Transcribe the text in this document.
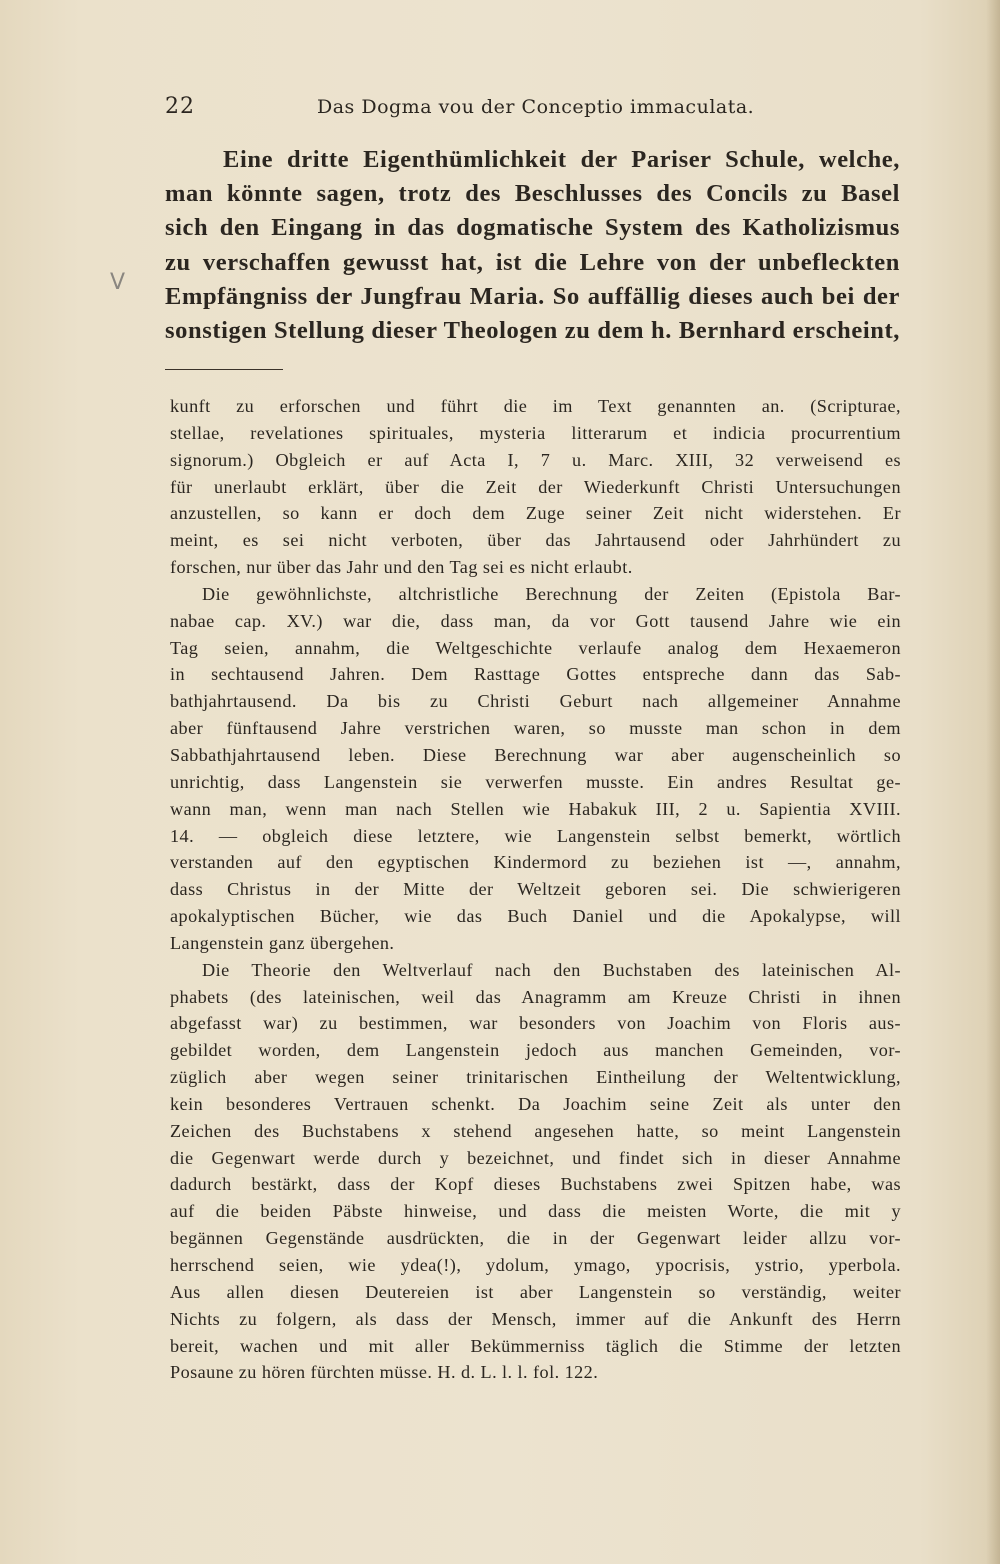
22	Das Dogma vou der Conceptio immaculata.
V
Eine dritte Eigenthümlichkeit der Pariser Schule, welche,
man könnte sagen, trotz des Beschlusses des Concils zu Basel
sich den Eingang in das dogmatische System des Katholizismus
zu verschaffen gewusst hat, ist die Lehre von der unbefleckten
Empfängniss der Jungfrau Maria. So auffällig dieses auch bei der
sonstigen Stellung dieser Theologen zu dem h. Bernhard erscheint,
kunft zu erforschen und führt die im Text genannten an. (Scripturae,
stellae, revelationes spirituales, mysteria litterarum et indicia procurrentium
signorum.) Obgleich er auf Acta I, 7 u. Marc. XIII, 32 verweisend es
für unerlaubt erklärt, über die Zeit der Wiederkunft Christi Untersuchungen
anzustellen, so kann er doch dem Zuge seiner Zeit nicht widerstehen. Er
meint, es sei nicht verboten, über das Jahrtausend oder Jahrhündert zu
forschen, nur über das Jahr und den Tag sei es nicht erlaubt.
Die gewöhnlichste, altchristliche Berechnung der Zeiten (Epistola Bar-
nabae cap. XV.) war die, dass man, da vor Gott tausend Jahre wie ein
Tag seien, annahm, die Weltgeschichte verlaufe analog dem Hexaemeron
in sechtausend Jahren. Dem Rasttage Gottes entspreche dann das Sab-
bathjahrtausend. Da bis zu Christi Geburt nach allgemeiner Annahme
aber fünftausend Jahre verstrichen waren, so musste man schon in dem
Sabbathjahrtausend leben. Diese Berechnung war aber augenscheinlich so
unrichtig, dass Langenstein sie verwerfen musste. Ein andres Resultat ge-
wann man, wenn man nach Stellen wie Habakuk III, 2 u. Sapientia XVIII.
14. — obgleich diese letztere, wie Langenstein selbst bemerkt, wörtlich
verstanden auf den egyptischen Kindermord zu beziehen ist —, annahm,
dass Christus in der Mitte der Weltzeit geboren sei. Die schwierigeren
apokalyptischen Bücher, wie das Buch Daniel und die Apokalypse, will
Langenstein ganz übergehen.
Die Theorie den Weltverlauf nach den Buchstaben des lateinischen Al-
phabets (des lateinischen, weil das Anagramm am Kreuze Christi in ihnen
abgefasst war) zu bestimmen, war besonders von Joachim von Floris aus-
gebildet worden, dem Langenstein jedoch aus manchen Gemeinden, vor-
züglich aber wegen seiner trinitarischen Eintheilung der Weltentwicklung,
kein besonderes Vertrauen schenkt. Da Joachim seine Zeit als unter den
Zeichen des Buchstabens x stehend angesehen hatte, so meint Langenstein
die Gegenwart werde durch y bezeichnet, und findet sich in dieser Annahme
dadurch bestärkt, dass der Kopf dieses Buchstabens zwei Spitzen habe, was
auf die beiden Päbste hinweise, und dass die meisten Worte, die mit y
begännen Gegenstände ausdrückten, die in der Gegenwart leider allzu vor-
herrschend seien, wie ydea(!), ydolum, ymago, ypocrisis, ystrio, yperbola.
Aus allen diesen Deutereien ist aber Langenstein so verständig, weiter
Nichts zu folgern, als dass der Mensch, immer auf die Ankunft des Herrn
bereit, wachen und mit aller Bekümmerniss täglich die Stimme der letzten
Posaune zu hören fürchten müsse. H. d. L. l. l. fol. 122.
